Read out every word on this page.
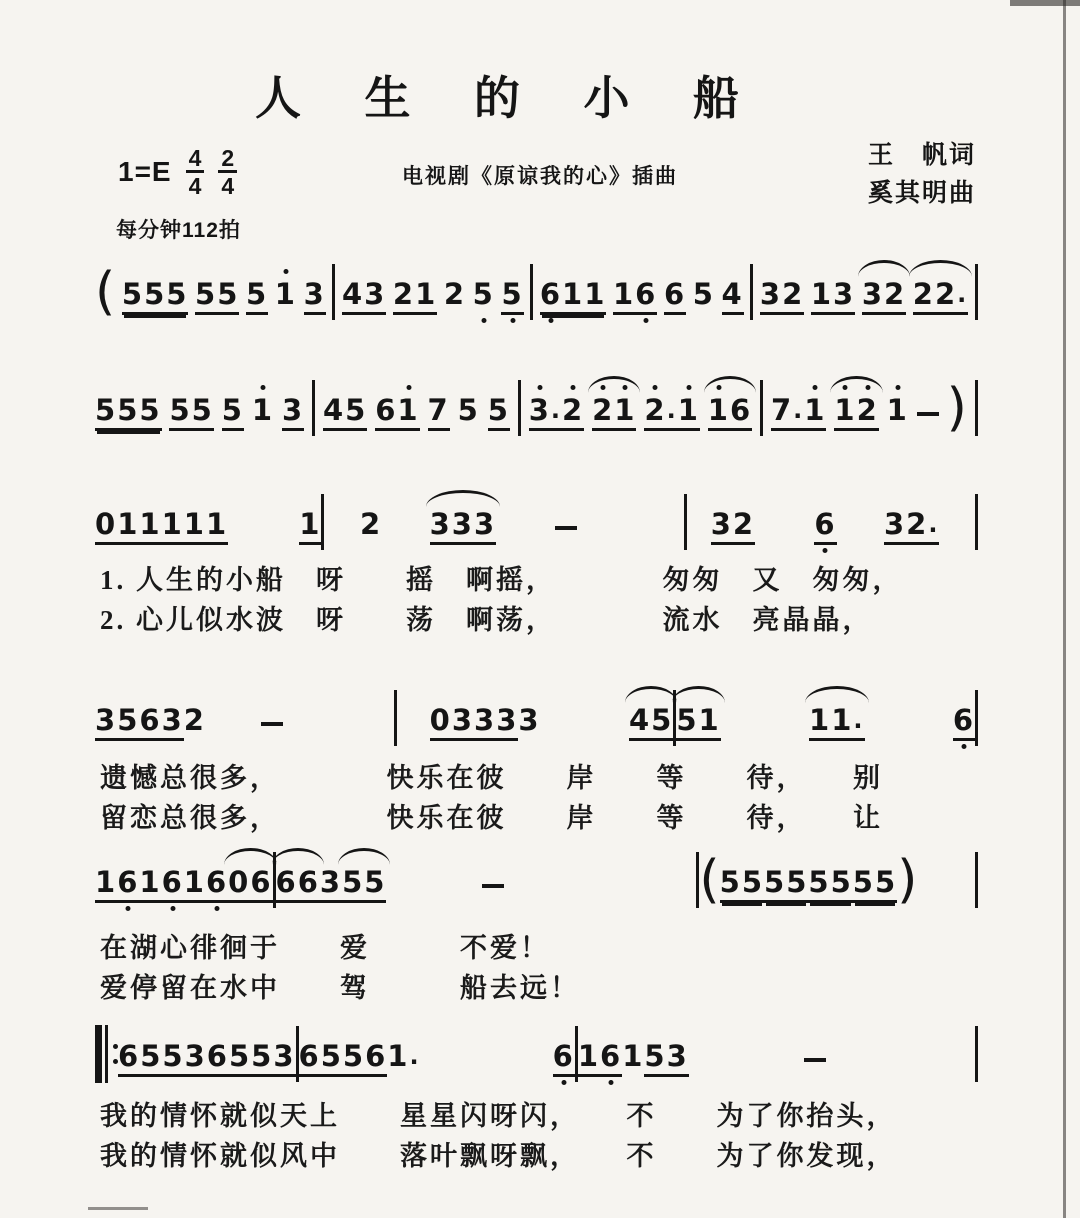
人 生 的 小 船
$1=E \frac{4}{4} \frac{2}{4}$	电视剧《原谅我的心》插曲
王　帆词
奚其明曲
每分钟112拍
( 5 5 5 5 5 5 1 3 4 3 2 1 2 5 5 6 1 1 1 6 6 5 4 3 2 1 3 3 2 2 2 .
5 5 5 5 5 5 1 3 4 5 6 1 7 5 5 3 . 2 2 1 2 . 1 1 6 7 . 1 1 2 1 )
0 1 1 1 1 1 1 2 3 3 3	3 2 6 3 2 .
3 5 6 3 2	0 3 3 3 3	4 5 5 1	1 1 .	6
1 6 1 6 1 6 0 6 6 6 3 5 5	( 5 5 5 5 5 5 5 5 )
6 5 5 3 6 5 5 3 6 5 5 6 1 .	6 1 6 1 5 3
1. 人生的小船　呀　　摇　啊摇，　　　　匆匆　又　匆匆，
2. 心儿似水波　呀　　荡　啊荡，　　　　流水　亮晶晶，
遗憾总很多，　　　　快乐在彼　　岸　　等　　待，　　别
留恋总很多，　　　　快乐在彼　　岸　　等　　待，　　让
在湖心徘徊于　　爱　　　不爱！
爱停留在水中　　驾　　　船去远！
我的情怀就似天上　　星星闪呀闪，　　不　　为了你抬头，
我的情怀就似风中　　落叶飘呀飘，　　不　　为了你发现，
